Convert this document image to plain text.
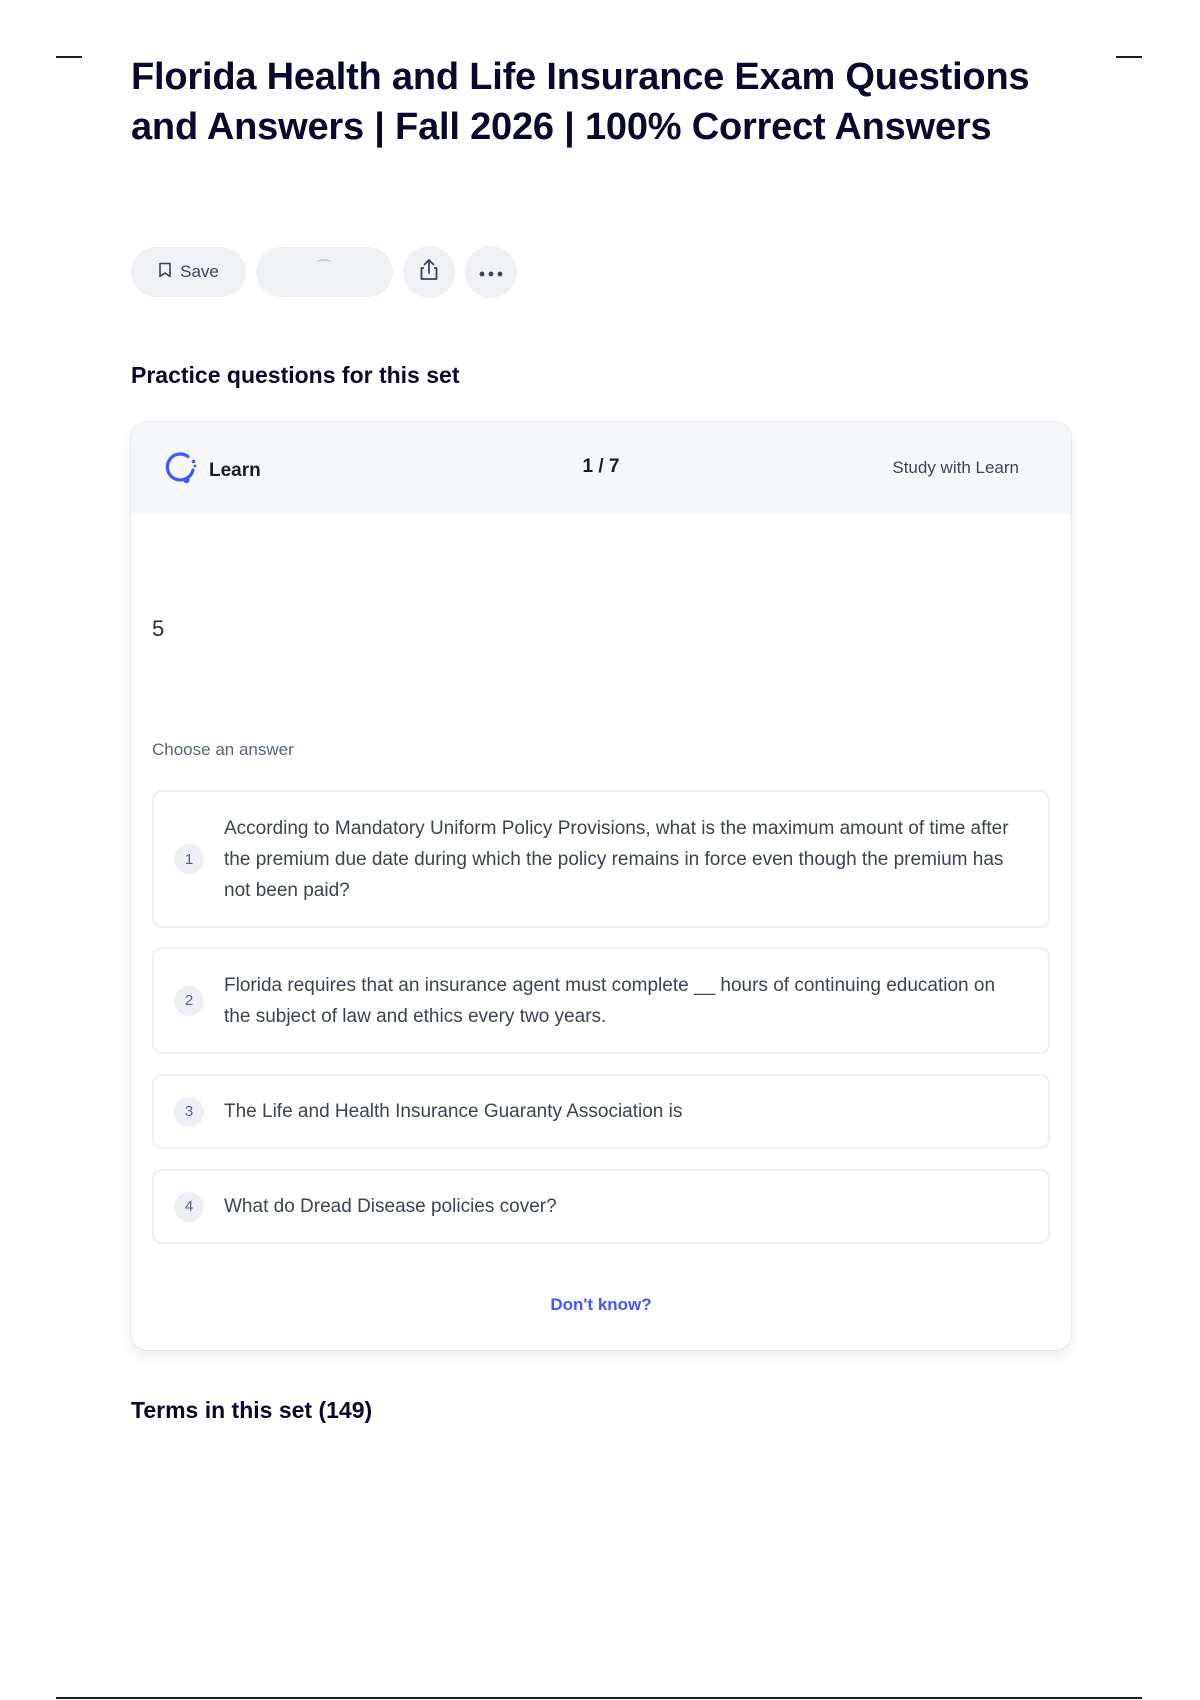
Florida Health and Life Insurance Exam Questions and Answers | Fall 2026 | 100% Correct Answers
Save
Practice questions for this set
Learn	1 / 7	Study with Learn
5
Choose an answer
1
According to Mandatory Uniform Policy Provisions, what is the maximum amount of time after the premium due date during which the policy remains in force even though the premium has not been paid?
2
Florida requires that an insurance agent must complete __ hours of continuing education on the subject of law and ethics every two years.
3	The Life and Health Insurance Guaranty Association is
4	What do Dread Disease policies cover?
Don't know?
Terms in this set (149)
